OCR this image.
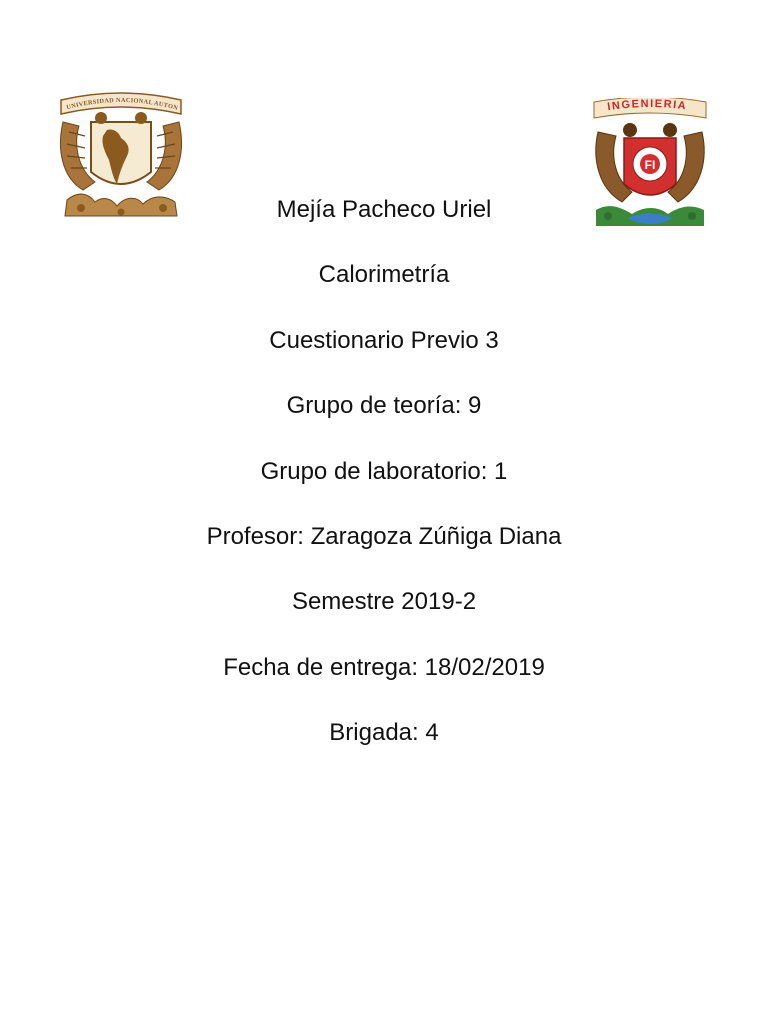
UNIVERSIDAD NACIONAL AUTON	INGENIERIA
FI
Mejía Pacheco Uriel
Calorimetría
Cuestionario Previo 3
Grupo de teoría: 9
Grupo de laboratorio: 1
Profesor: Zaragoza Zúñiga Diana
Semestre 2019-2
Fecha de entrega: 18/02/2019
Brigada: 4
